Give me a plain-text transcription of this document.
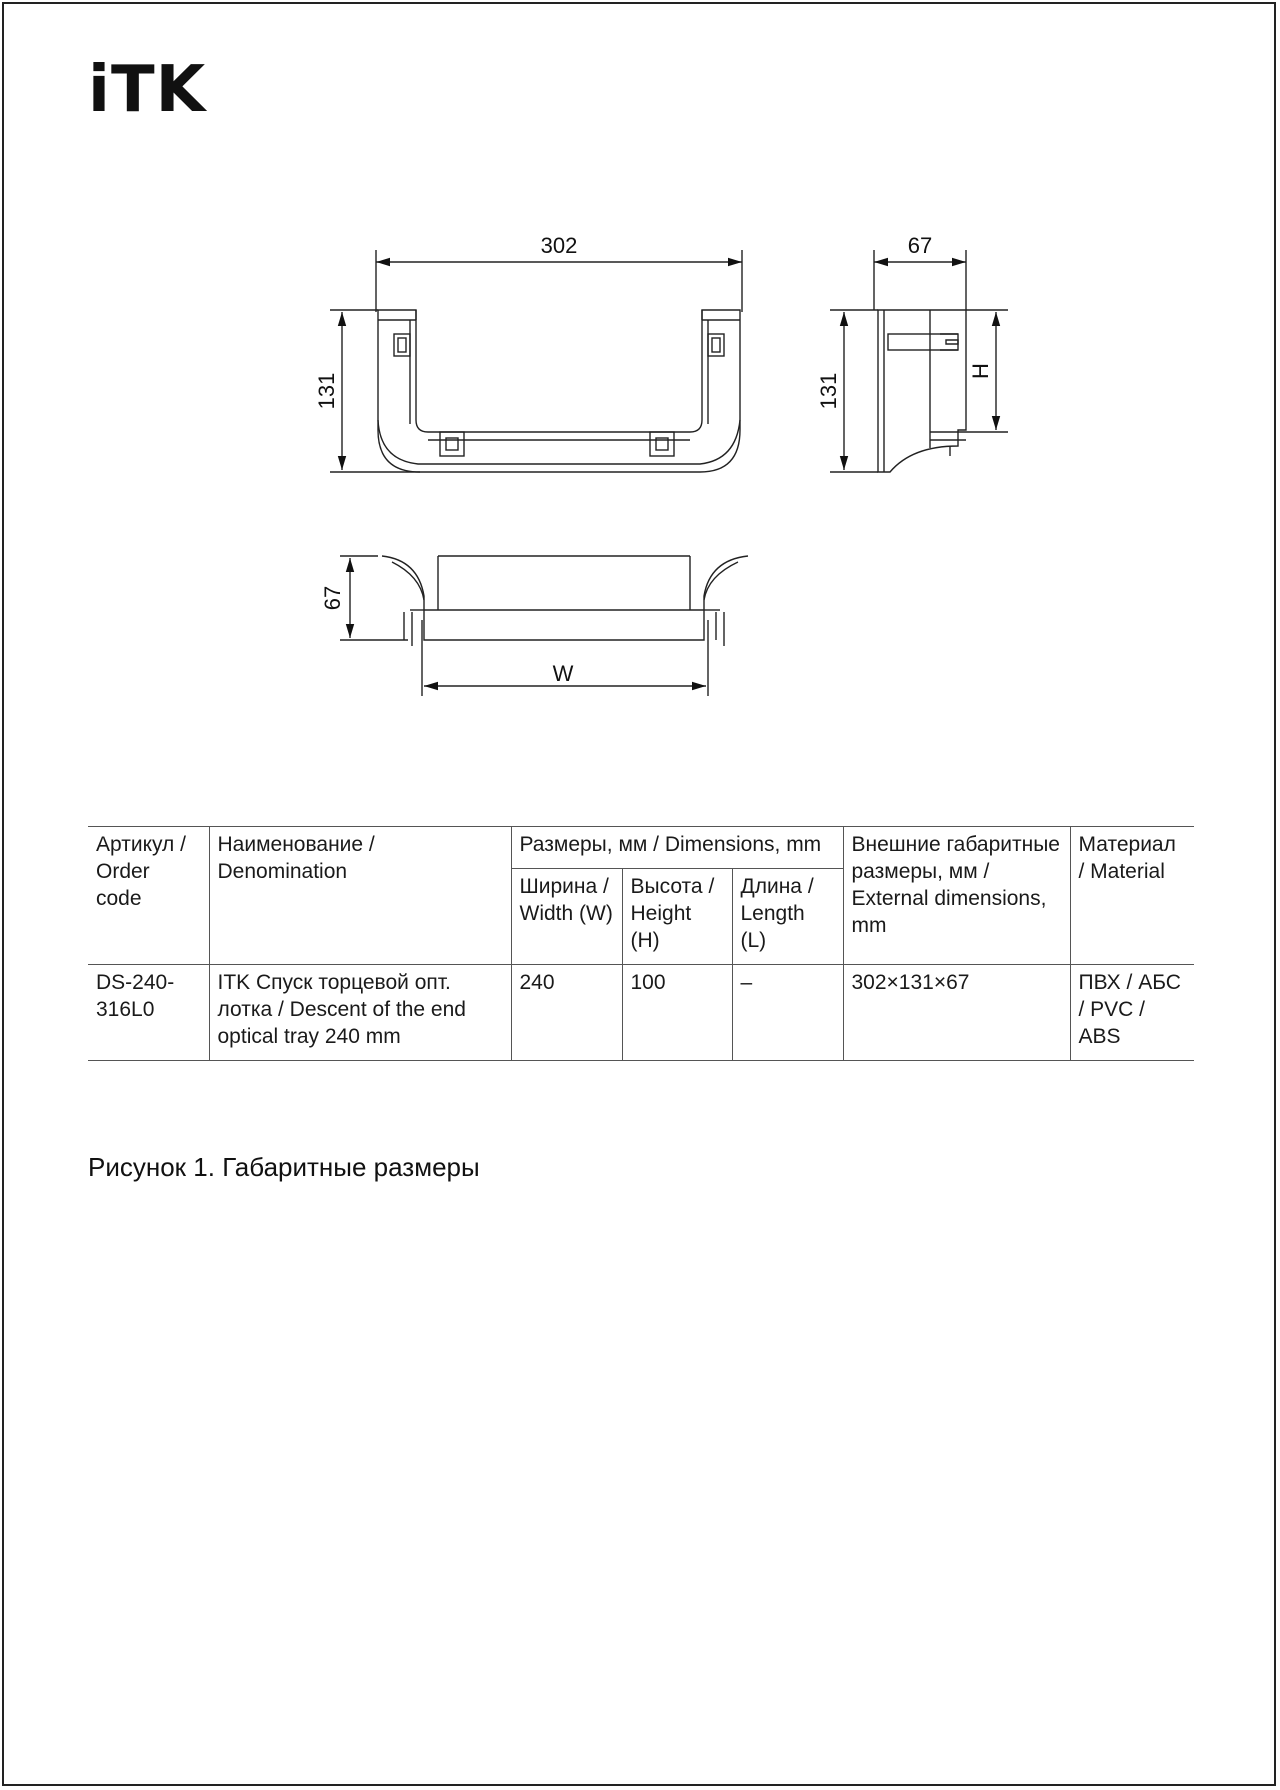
iTK
302
131
67
131
H
67
W
Артикул / Order code	Наименование / Denomination	Размеры, мм / Dimensions, mm			Внешние габаритные размеры, мм / External dimensions, mm	Материал / Material
		Ширина / Width (W)	Высота / Height (H)	Длина / Length (L)		
DS-240-316L0	ITK Спуск торцевой опт. лотка / Descent of the end optical tray 240 mm	240	100	–	302×131×67	ПВХ / АБС / PVC / ABS
Рисунок 1. Габаритные размеры
